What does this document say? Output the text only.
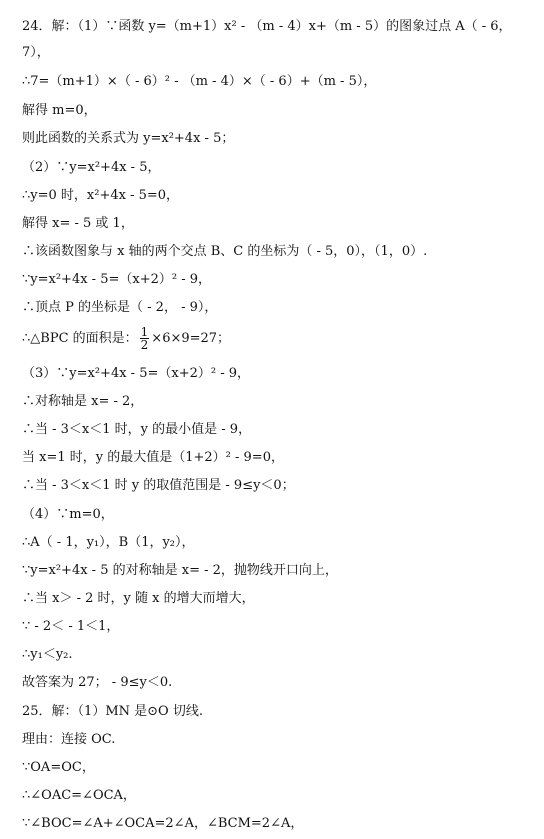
24．解：（1）∵函数 y=（m+1）x² - （m - 4）x+（m - 5）的图象过点 A（ - 6，
7），
∴7=（m+1）×（ - 6）² - （m - 4）×（ - 6）+（m - 5），
解得 m=0，
则此函数的关系式为 y=x²+4x - 5；
（2）∵y=x²+4x - 5，
∴y=0 时，x²+4x - 5=0，
解得 x= - 5 或 1，
∴该函数图象与 x 轴的两个交点 B、C 的坐标为（ - 5，0），（1，0）.
∵y=x²+4x - 5=（x+2）² - 9，
∴顶点 P 的坐标是（ - 2， - 9），
∴△BPC 的面积是： $\frac{1}{2} \times 6\times 9=27$；
（3）∵y=x²+4x - 5=（x+2）² - 9，
∴对称轴是 x= - 2，
∴当 - 3＜x＜1 时，y 的最小值是 - 9，
当 x=1 时，y 的最大值是（1+2）² - 9=0，
∴当 - 3＜x＜1 时 y 的取值范围是 - 9≤y＜0；
（4）∵m=0，
∴A（ - 1，y₁），B（1，y₂），
∵y=x²+4x - 5 的对称轴是 x= - 2，抛物线开口向上，
∴当 x＞ - 2 时，y 随 x 的增大而增大，
∵ - 2＜ - 1＜1，
∴y₁＜y₂.
故答案为 27； - 9≤y＜0.
25．解：（1）MN 是⊙O 切线.
理由：连接 OC.
∵OA=OC，
∴∠OAC=∠OCA，
∵∠BOC=∠A+∠OCA=2∠A，∠BCM=2∠A，
